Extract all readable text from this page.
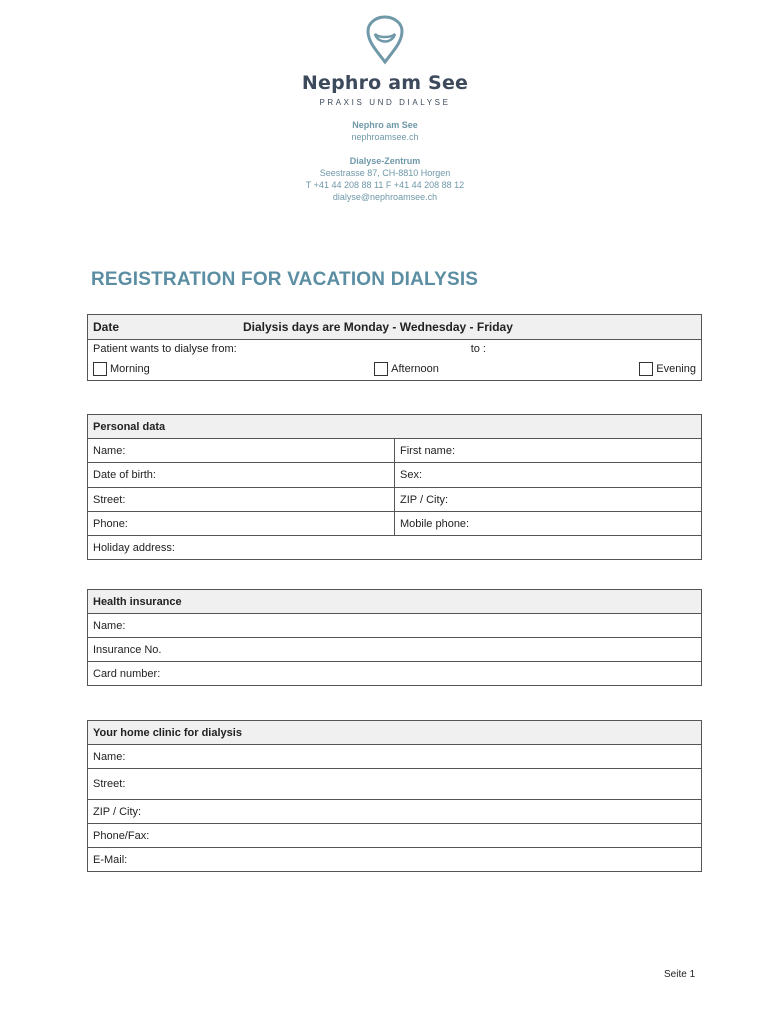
Nephro am See
PRAXIS UND DIALYSE
Nephro am See
nephroamsee.ch
Dialyse-Zentrum
Seestrasse 87, CH-8810 Horgen
T +41 44 208 88 11 F +41 44 208 88 12
dialyse@nephroamsee.ch
REGISTRATION FOR VACATION DIALYSIS
Date	Dialysis days are Monday - Wednesday - Friday

Patient wants to dialyse from:	to :

Morning	Afternoon	Evening
Personal data	
Name:	First name:
Date of birth:	Sex:
Street:	ZIP / City:
Phone:	Mobile phone:
Holiday address:	
Health insurance
Name:
Insurance No.
Card number:
Your home clinic for dialysis
Name:
Street:
ZIP / City:
Phone/Fax:
E-Mail:
Seite 1
